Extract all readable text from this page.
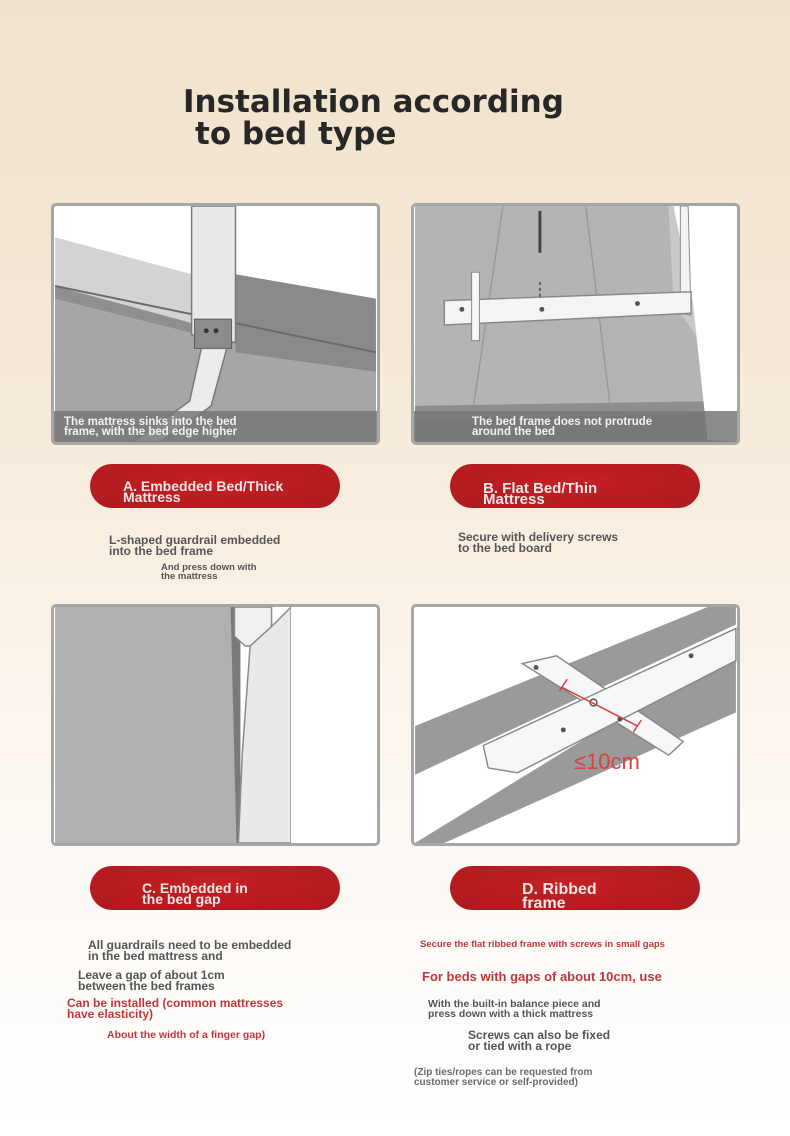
Installation according
to bed type
The mattress sinks into the bed
frame, with the bed edge higher
The bed frame does not protrude
around the bed
A. Embedded Bed/Thick
Mattress	B. Flat Bed/Thin
Mattress
L-shaped guardrail embedded
into the bed frame
And press down with
the mattress
Secure with delivery screws
to the bed board
≤10cm
C. Embedded in
the bed gap
D. Ribbed
frame
All guardrails need to be embedded
in the bed mattress and
Leave a gap of about 1cm
between the bed frames
Can be installed (common mattresses
have elasticity)
About the width of a finger gap)
Secure the flat ribbed frame with screws in small gaps
For beds with gaps of about 10cm, use
With the built-in balance piece and
press down with a thick mattress
Screws can also be fixed
or tied with a rope
(Zip ties/ropes can be requested from
customer service or self-provided)
